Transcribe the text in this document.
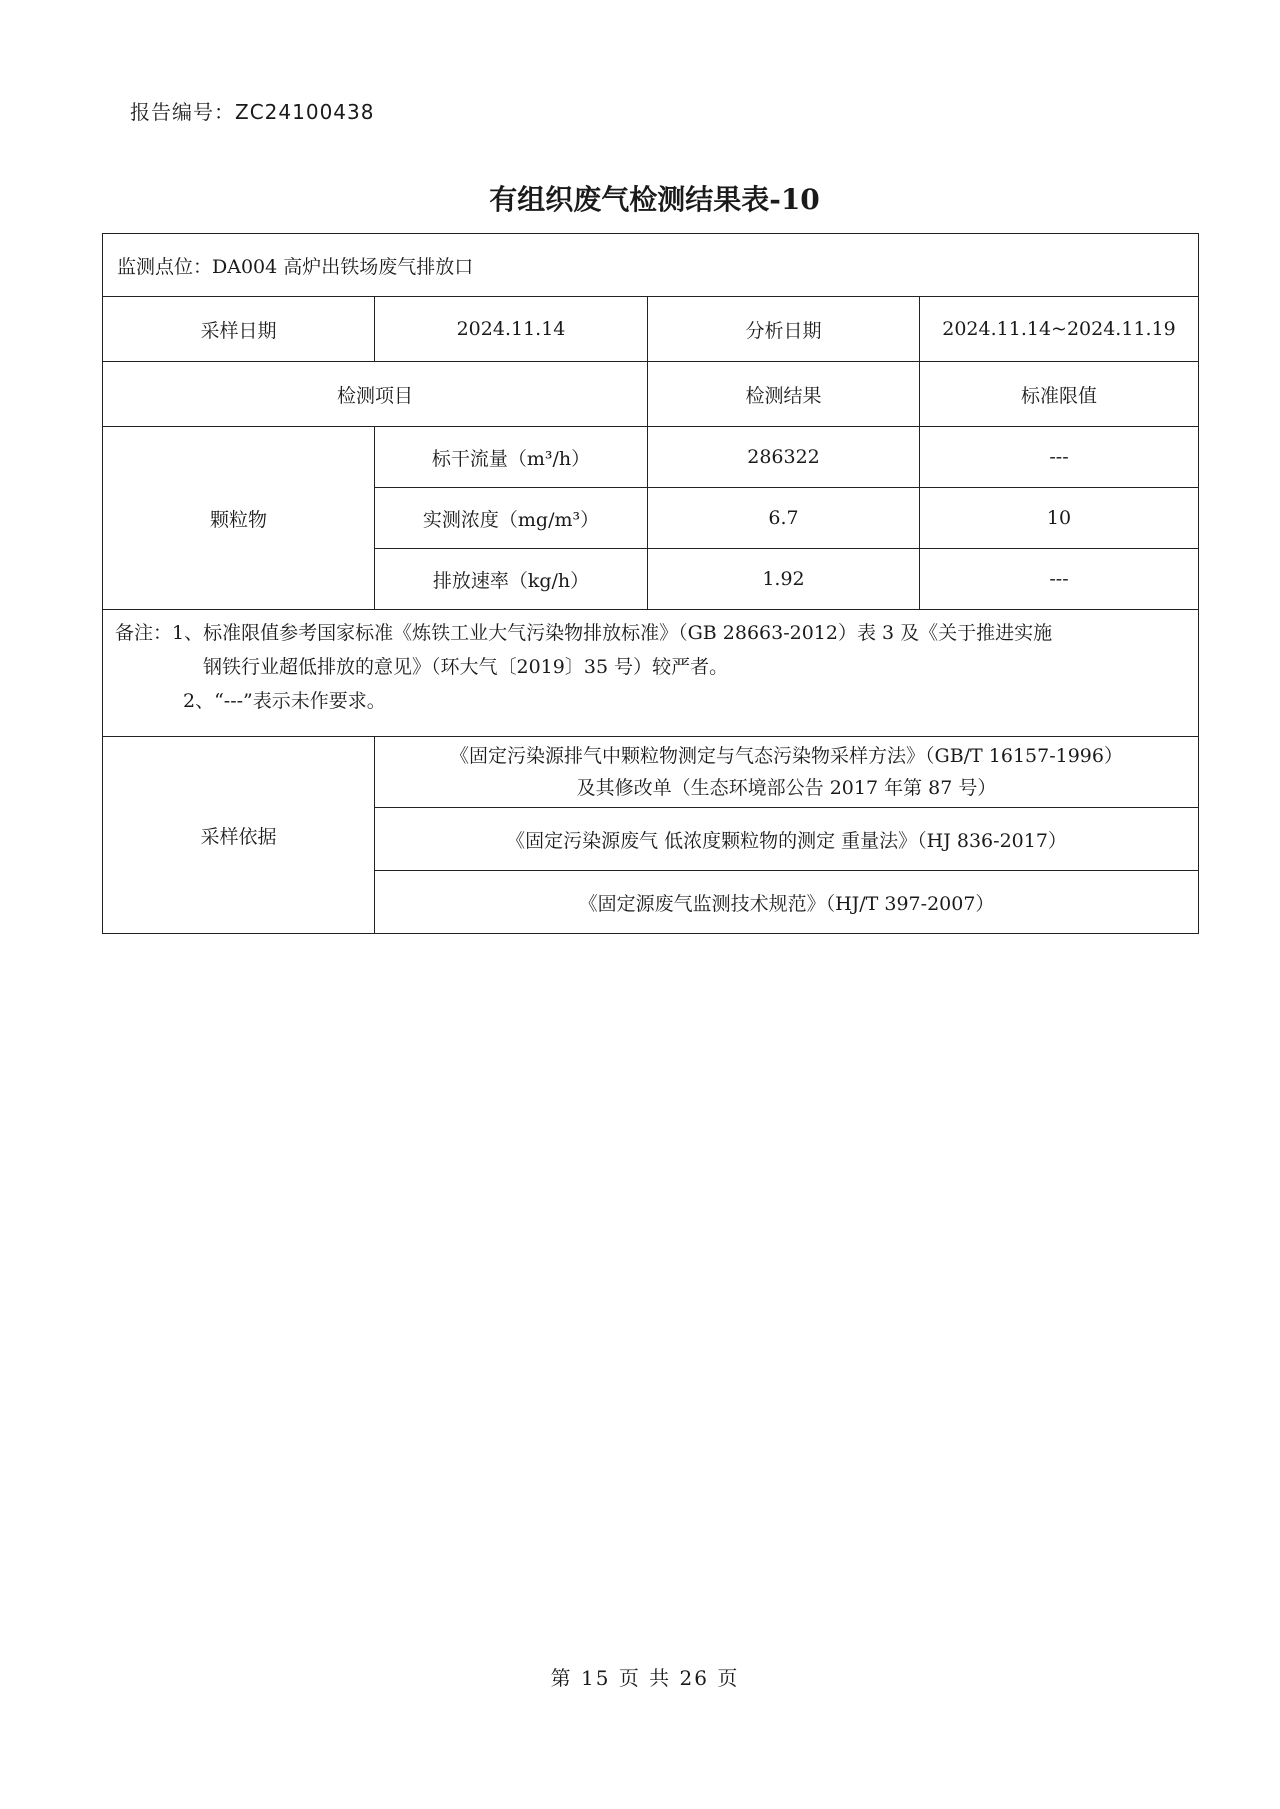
报告编号：ZC24100438
有组织废气检测结果表-10
监测点位：DA004 高炉出铁场废气排放口			
采样日期	2024.11.14	分析日期	2024.11.14~2024.11.19
检测项目		检测结果	标准限值
颗粒物	标干流量（m³/h）	286322	---
	实测浓度（mg/m³）	6.7	10
	排放速率（kg/h）	1.92	---

备注：1、标准限值参考国家标准《炼铁工业大气污染物排放标准》（GB 28663-2012）表 3 及《关于推进实施
钢铁行业超低排放的意见》（环大气〔2019〕35 号）较严者。
2、“---”表示未作要求。			

采样依据	《固定污染源排气中颗粒物测定与气态污染物采样方法》（GB/T 16157-1996）
及其修改单（生态环境部公告 2017 年第 87 号）		

	《固定污染源废气 低浓度颗粒物的测定 重量法》（HJ 836-2017）		
	《固定源废气监测技术规范》（HJ/T 397-2007）		
第 15 页 共 26 页
